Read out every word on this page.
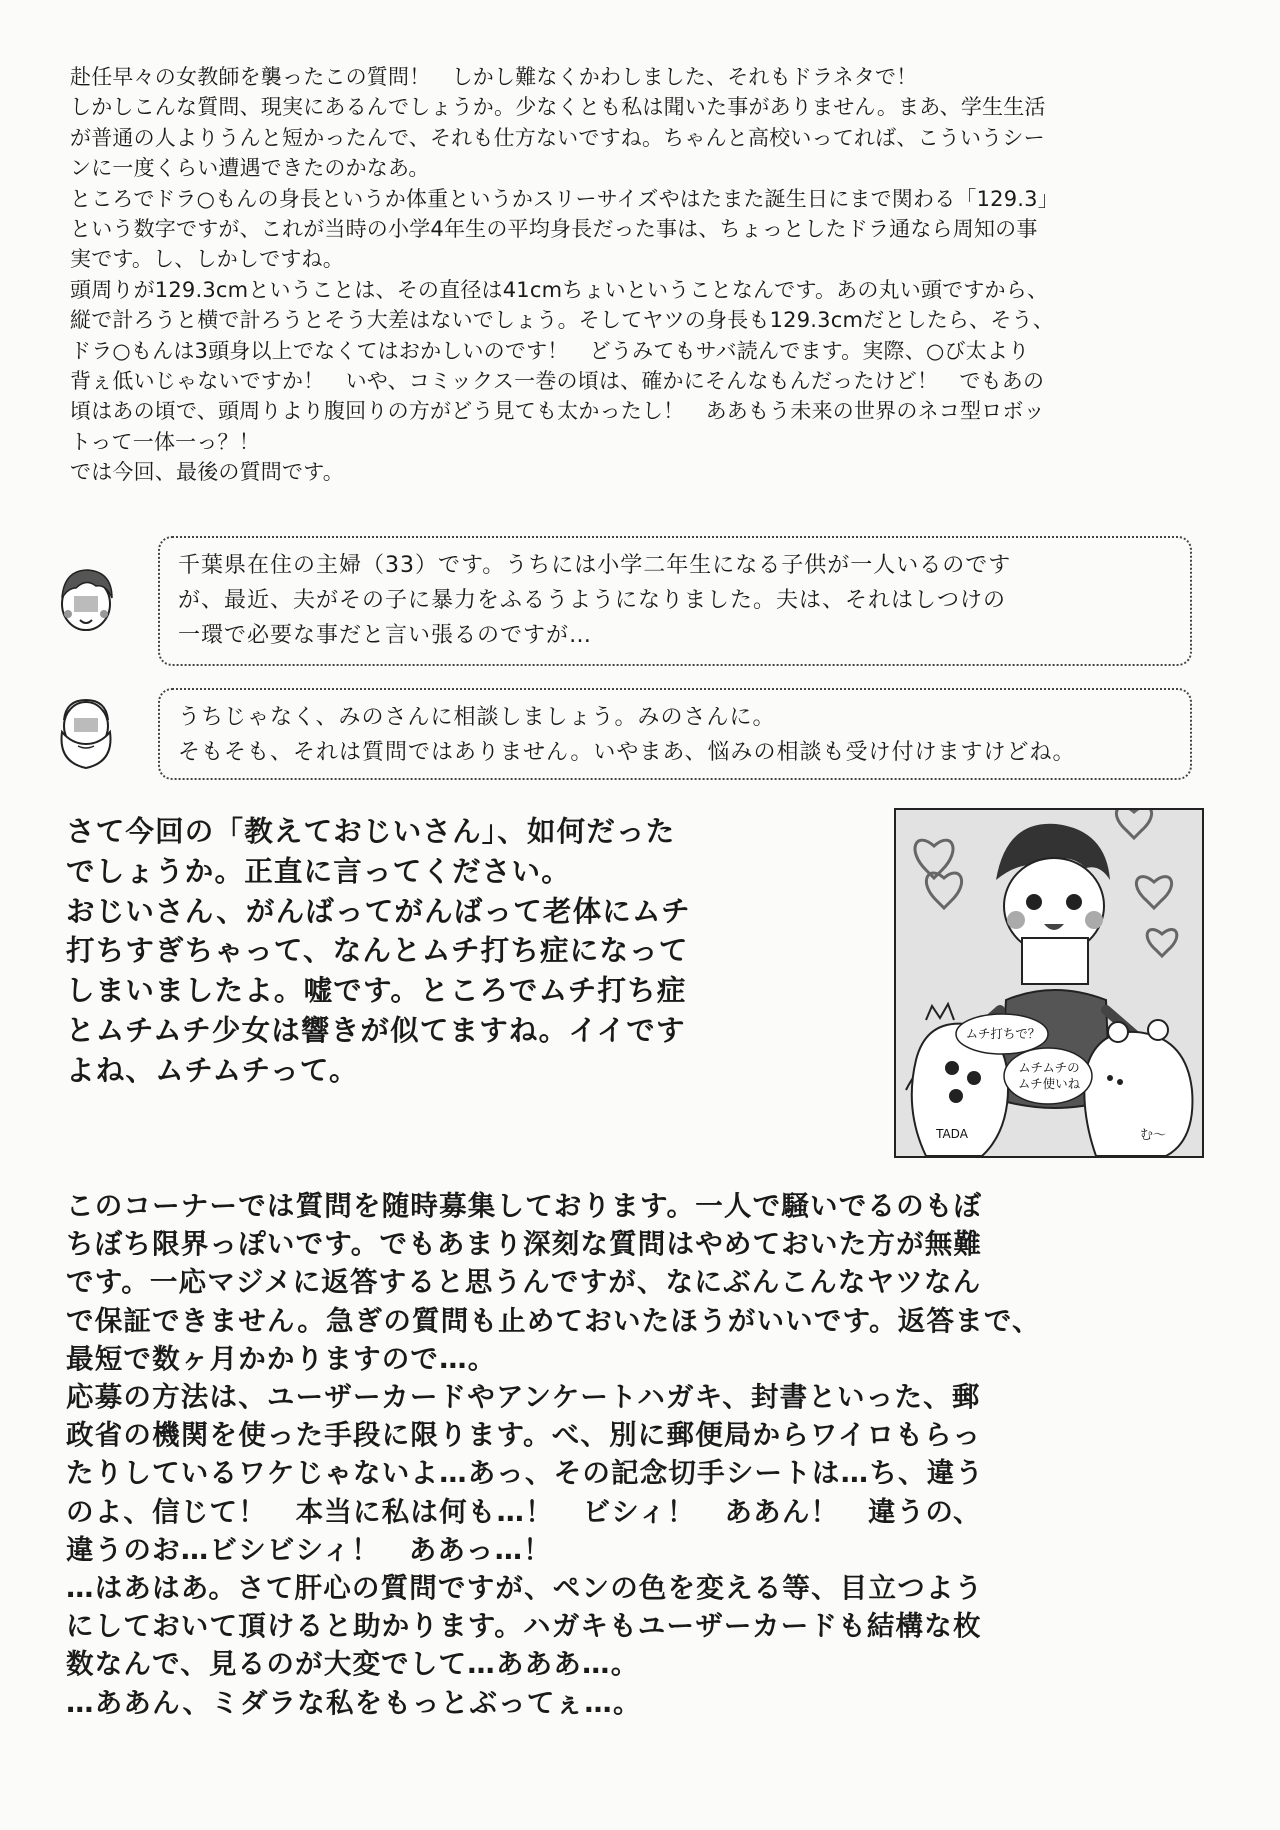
赴任早々の女教師を襲ったこの質問！　しかし難なくかわしました、それもドラネタで！

しかしこんな質問、現実にあるんでしょうか。少なくとも私は聞いた事がありません。まあ、学生生活

が普通の人よりうんと短かったんで、それも仕方ないですね。ちゃんと高校いってれば、こういうシー

ンに一度くらい遭遇できたのかなあ。

ところでドラ○もんの身長というか体重というかスリーサイズやはたまた誕生日にまで関わる「129.3」

という数字ですが、これが当時の小学4年生の平均身長だった事は、ちょっとしたドラ通なら周知の事

実です。し、しかしですね。

頭周りが129.3cmということは、その直径は41cmちょいということなんです。あの丸い頭ですから、

縦で計ろうと横で計ろうとそう大差はないでしょう。そしてヤツの身長も129.3cmだとしたら、そう、

ドラ○もんは3頭身以上でなくてはおかしいのです！　どうみてもサバ読んでます。実際、○び太より

背ぇ低いじゃないですか！　いや、コミックス一巻の頃は、確かにそんなもんだったけど！　でもあの

頃はあの頃で、頭周りより腹回りの方がどう見ても太かったし！　ああもう未来の世界のネコ型ロボッ

トって一体一っ？！

では今回、最後の質問です。

千葉県在住の主婦（33）です。うちには小学二年生になる子供が一人いるのです

が、最近、夫がその子に暴力をふるうようになりました。夫は、それはしつけの

一環で必要な事だと言い張るのですが…

うちじゃなく、みのさんに相談しましょう。みのさんに。

そもそも、それは質問ではありません。いやまあ、悩みの相談も受け付けますけどね。

さて今回の「教えておじいさん」、如何だった

でしょうか。正直に言ってください。

おじいさん、がんばってがんばって老体にムチ

打ちすぎちゃって、なんとムチ打ち症になって

しまいましたよ。嘘です。ところでムチ打ち症

とムチムチ少女は響きが似てますね。イイです

よね、ムチムチって。

ムチ打ちで？
ムチムチの
ムチ使いね
TADA	む～

このコーナーでは質問を随時募集しております。一人で騒いでるのもぼ

ちぼち限界っぽいです。でもあまり深刻な質問はやめておいた方が無難

です。一応マジメに返答すると思うんですが、なにぶんこんなヤツなん

で保証できません。急ぎの質問も止めておいたほうがいいです。返答まで、

最短で数ヶ月かかりますので…。

応募の方法は、ユーザーカードやアンケートハガキ、封書といった、郵

政省の機関を使った手段に限ります。べ、別に郵便局からワイロもらっ

たりしているワケじゃないよ…あっ、その記念切手シートは…ち、違う

のよ、信じて！　本当に私は何も…！　ビシィ！　ああん！　違うの、

違うのお…ビシビシィ！　ああっ…！

…はあはあ。さて肝心の質問ですが、ペンの色を変える等、目立つよう

にしておいて頂けると助かります。ハガキもユーザーカードも結構な枚

数なんで、見るのが大変でして…あああ…。

…ああん、ミダラな私をもっとぶってぇ…。
